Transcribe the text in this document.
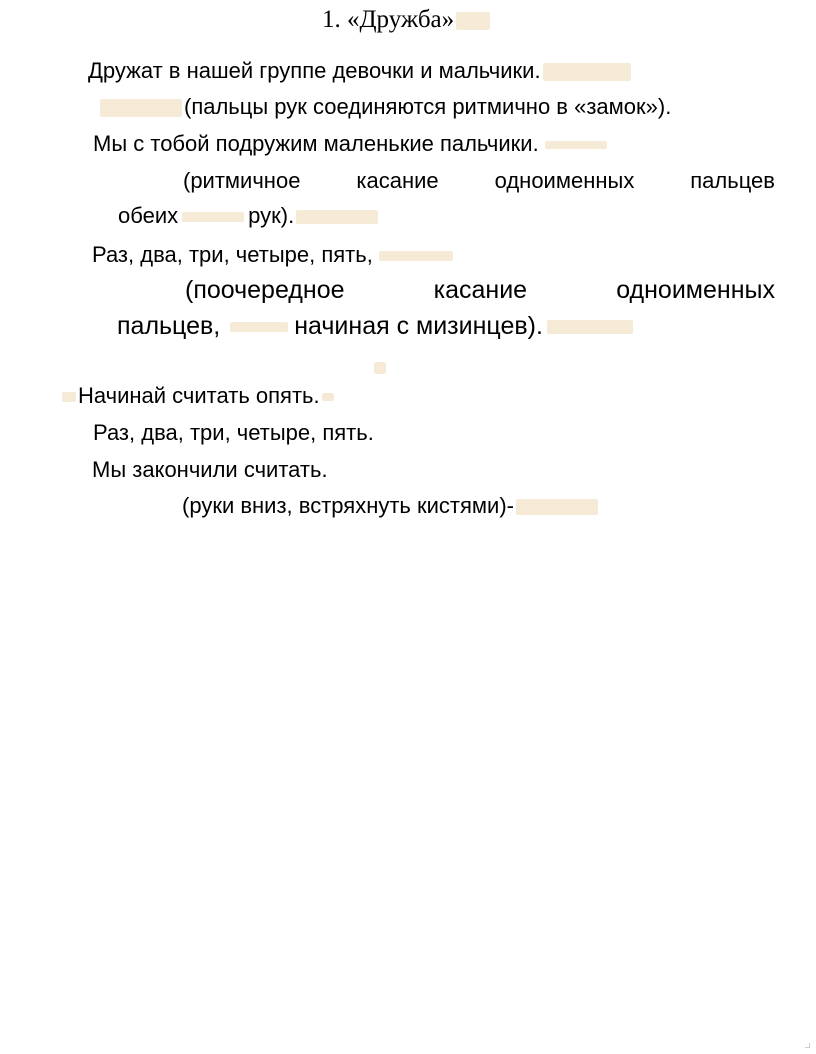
1. «Дружба»
Дружат в нашей группе девочки и мальчики.
(пальцы рук соединяются ритмично в «замок»).
Мы с тобой подружим маленькие пальчики.
(ритмичное	касание	одноименных	пальцев
обеих	рук).
Раз, два, три, четыре, пять,
(поочередное	касание	одноименных
пальцев,	начиная с мизинцев).
Начинай считать опять.
Раз, два, три, четыре, пять.
Мы закончили считать.
(руки вниз, встряхнуть кистями)-
